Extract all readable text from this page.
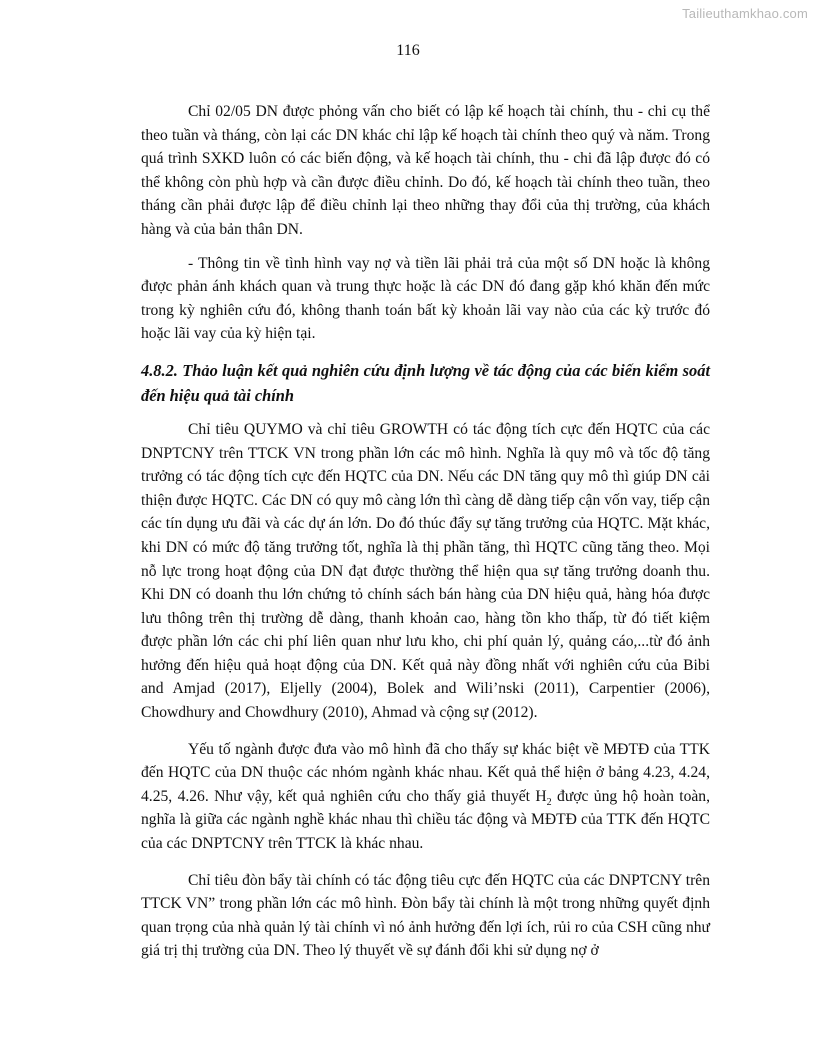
Tailieuthamkhao.com
116

Chỉ 02/05 DN được phỏng vấn cho biết có lập kế hoạch tài chính, thu - chi cụ thể theo tuần và tháng, còn lại các DN khác chỉ lập kế hoạch tài chính theo quý và năm. Trong quá trình SXKD luôn có các biến động, và kế hoạch tài chính, thu - chi đã lập được đó có thể không còn phù hợp và cần được điều chỉnh. Do đó, kế hoạch tài chính theo tuần, theo tháng cần phải được lập để điều chỉnh lại theo những thay đổi của thị trường, của khách hàng và của bản thân DN.

- Thông tin về tình hình vay nợ và tiền lãi phải trả của một số DN hoặc là không được phản ánh khách quan và trung thực hoặc là các DN đó đang gặp khó khăn đến mức trong kỳ nghiên cứu đó, không thanh toán bất kỳ khoản lãi vay nào của các kỳ trước đó hoặc lãi vay của kỳ hiện tại.

4.8.2. Thảo luận kết quả nghiên cứu định lượng về tác động của các biến kiểm soát đến hiệu quả tài chính

Chỉ tiêu QUYMO và chỉ tiêu GROWTH có tác động tích cực đến HQTC của các DNPTCNY trên TTCK VN trong phần lớn các mô hình. Nghĩa là quy mô và tốc độ tăng trưởng có tác động tích cực đến HQTC của DN. Nếu các DN tăng quy mô thì giúp DN cải thiện được HQTC. Các DN có quy mô càng lớn thì càng dễ dàng tiếp cận vốn vay, tiếp cận các tín dụng ưu đãi và các dự án lớn. Do đó thúc đẩy sự tăng trưởng của HQTC. Mặt khác, khi DN có mức độ tăng trưởng tốt, nghĩa là thị phần tăng, thì HQTC cũng tăng theo. Mọi nỗ lực trong hoạt động của DN đạt được thường thể hiện qua sự tăng trưởng doanh thu. Khi DN có doanh thu lớn chứng tỏ chính sách bán hàng của DN hiệu quả, hàng hóa được lưu thông trên thị trường dễ dàng, thanh khoản cao, hàng tồn kho thấp, từ đó tiết kiệm được phần lớn các chi phí liên quan như lưu kho, chi phí quản lý, quảng cáo,...từ đó ảnh hưởng đến hiệu quả hoạt động của DN. Kết quả này đồng nhất với nghiên cứu của Bibi and Amjad (2017), Eljelly (2004), Bolek and Wili’nski (2011), Carpentier (2006), Chowdhury and Chowdhury (2010), Ahmad và cộng sự (2012).

Yếu tố ngành được đưa vào mô hình đã cho thấy sự khác biệt về MĐTĐ của TTK đến HQTC của DN thuộc các nhóm ngành khác nhau. Kết quả thể hiện ở bảng 4.23, 4.24, 4.25, 4.26. Như vậy, kết quả nghiên cứu cho thấy giả thuyết $H_2$ được ủng hộ hoàn toàn, nghĩa là giữa các ngành nghề khác nhau thì chiều tác động và MĐTĐ của TTK đến HQTC của các DNPTCNY trên TTCK là khác nhau.

Chỉ tiêu đòn bẩy tài chính có tác động tiêu cực đến HQTC của các DNPTCNY trên TTCK VN” trong phần lớn các mô hình. Đòn bẩy tài chính là một trong những quyết định quan trọng của nhà quản lý tài chính vì nó ảnh hưởng đến lợi ích, rủi ro của CSH cũng như giá trị thị trường của DN. Theo lý thuyết về sự đánh đổi khi sử dụng nợ ở
